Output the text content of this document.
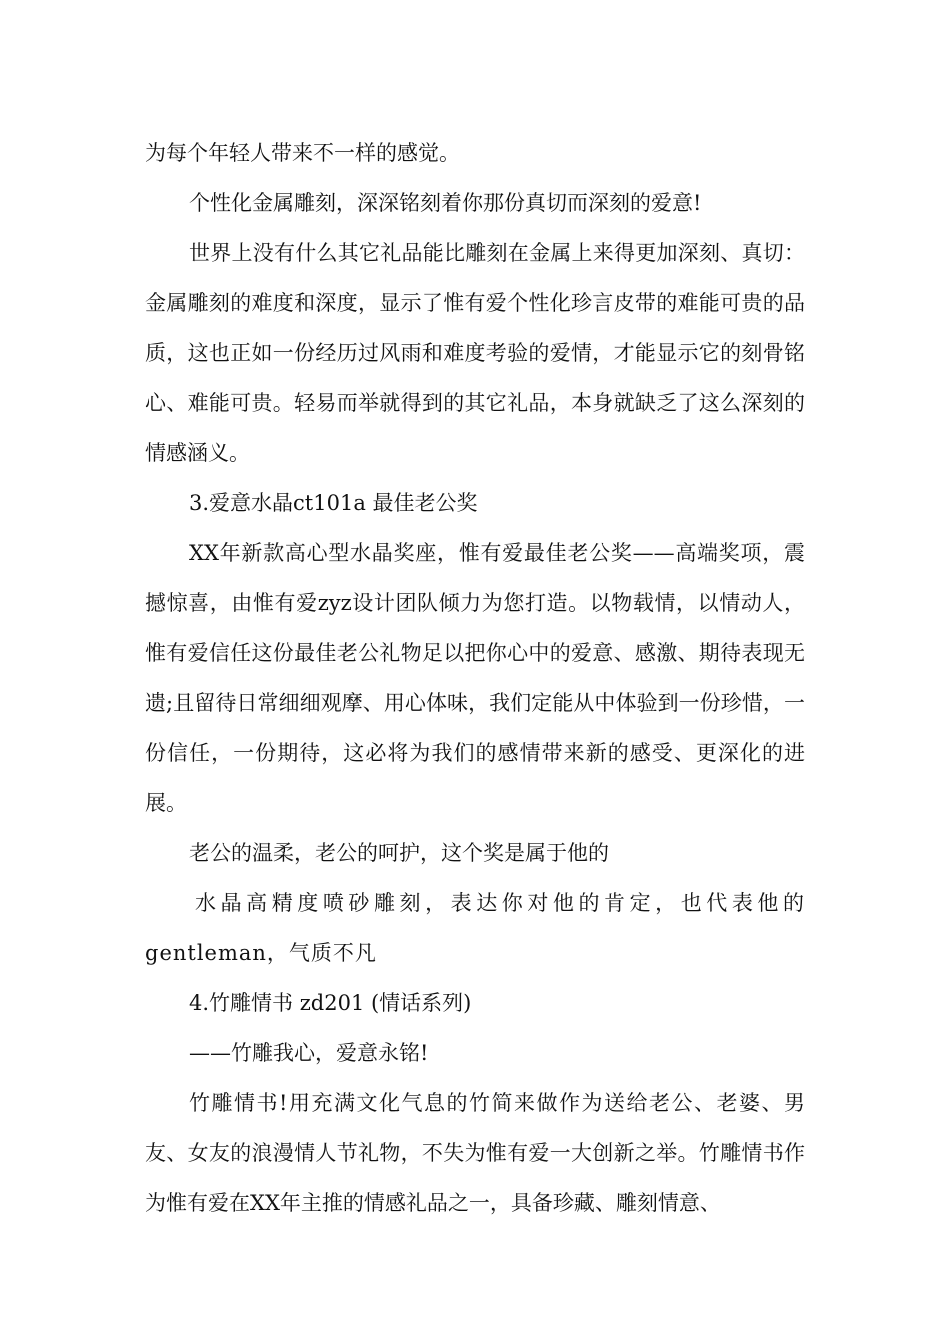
为每个年轻人带来不一样的感觉。

个性化金属雕刻，深深铭刻着你那份真切而深刻的爱意!

世界上没有什么其它礼品能比雕刻在金属上来得更加深刻、真切：金属雕刻的难度和深度，显示了惟有爱个性化珍言皮带的难能可贵的品质，这也正如一份经历过风雨和难度考验的爱情，才能显示它的刻骨铭心、难能可贵。轻易而举就得到的其它礼品，本身就缺乏了这么深刻的情感涵义。

3.爱意水晶ct101a 最佳老公奖

XX年新款高心型水晶奖座，惟有爱最佳老公奖——高端奖项，震撼惊喜，由惟有爱zyz设计团队倾力为您打造。以物载情，以情动人，惟有爱信任这份最佳老公礼物足以把你心中的爱意、感激、期待表现无遗;且留待日常细细观摩、用心体味，我们定能从中体验到一份珍惜，一份信任，一份期待，这必将为我们的感情带来新的感受、更深化的进展。

老公的温柔，老公的呵护，这个奖是属于他的

水晶高精度喷砂雕刻，表达你对他的肯定，也代表他的gentleman，气质不凡

4.竹雕情书 zd201 (情话系列)

——竹雕我心，爱意永铭!

竹雕情书!用充满文化气息的竹简来做作为送给老公、老婆、男友、女友的浪漫情人节礼物，不失为惟有爱一大创新之举。竹雕情书作为惟有爱在XX年主推的情感礼品之一，具备珍藏、雕刻情意、
